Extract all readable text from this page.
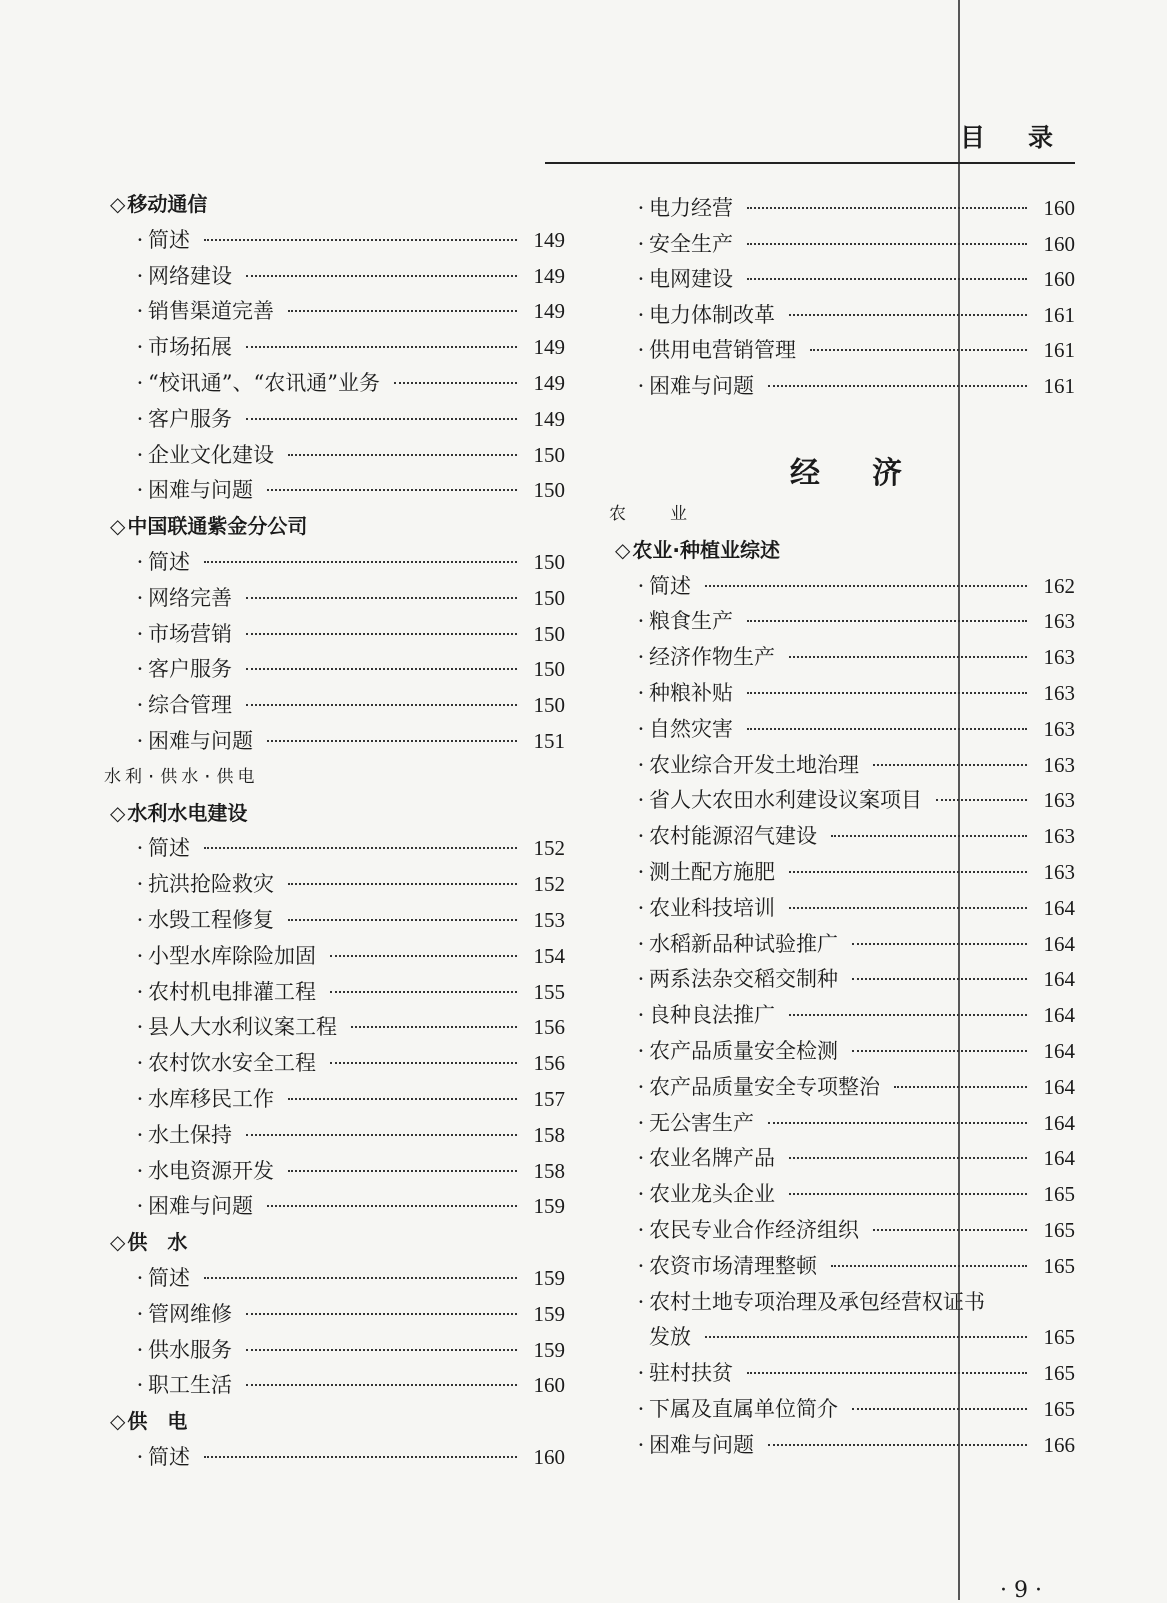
目 录
◇ 移动通信
· 简述	149
· 网络建设	149
· 销售渠道完善	149
· 市场拓展	149
· “校讯通”、“农讯通”业务	149
· 客户服务	149
· 企业文化建设	150
· 困难与问题	150
◇ 中国联通紫金分公司
· 简述	150
· 网络完善	150
· 市场营销	150
· 客户服务	150
· 综合管理	150
· 困难与问题	151
水利·供水·供电
◇ 水利水电建设
· 简述	152
· 抗洪抢险救灾	152
· 水毁工程修复	153
· 小型水库除险加固	154
· 农村机电排灌工程	155
· 县人大水利议案工程	156
· 农村饮水安全工程	156
· 水库移民工作	157
· 水土保持	158
· 水电资源开发	158
· 困难与问题	159
◇ 供　水
· 简述	159
· 管网维修	159
· 供水服务	159
· 职工生活	160
◇ 供　电
· 简述	160
· 电力经营	160
· 安全生产	160
· 电网建设	160
· 电力体制改革	161
· 供用电营销管理	161
· 困难与问题	161
经 济
农业
◇ 农业·种植业综述
· 简述	162
· 粮食生产	163
· 经济作物生产	163
· 种粮补贴	163
· 自然灾害	163
· 农业综合开发土地治理	163
· 省人大农田水利建设议案项目	163
· 农村能源沼气建设	163
· 测土配方施肥	163
· 农业科技培训	164
· 水稻新品种试验推广	164
· 两系法杂交稻交制种	164
· 良种良法推广	164
· 农产品质量安全检测	164
· 农产品质量安全专项整治	164
· 无公害生产	164
· 农业名牌产品	164
· 农业龙头企业	165
· 农民专业合作经济组织	165
· 农资市场清理整顿	165
· 农村土地专项治理及承包经营权证书
发放	165
· 驻村扶贫	165
· 下属及直属单位简介	165
· 困难与问题	166
· 9 ·
